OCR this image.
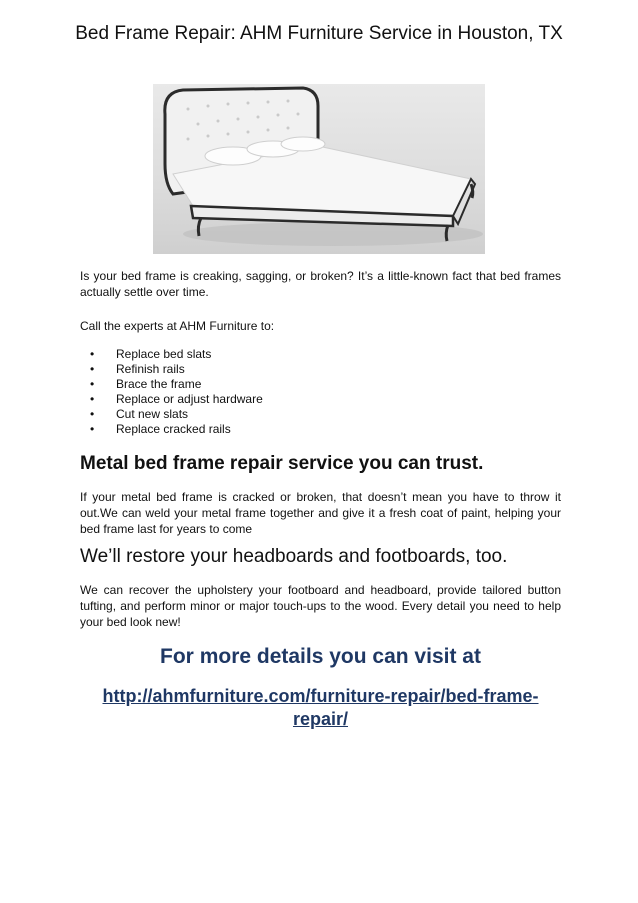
Bed Frame Repair: AHM Furniture Service in Houston, TX

Is your bed frame is creaking, sagging, or broken? It’s a little-known fact that bed frames actually settle over time.

Call the experts at AHM Furniture to:

• Replace bed slats
• Refinish rails
• Brace the frame
• Replace or adjust hardware
• Cut new slats
• Replace cracked rails
Metal bed frame repair service you can trust.

If your metal bed frame is cracked or broken, that doesn’t mean you have to throw it out.We can weld your metal frame together and give it a fresh coat of paint, helping your bed frame last for years to come

We’ll restore your headboards and footboards, too.

We can recover the upholstery your footboard and headboard, provide tailored button tufting, and perform minor or major touch-ups to the wood. Every detail you need to help your bed look new!

For more details you can visit at

http://ahmfurniture.com/furniture-repair/bed-frame-repair/
